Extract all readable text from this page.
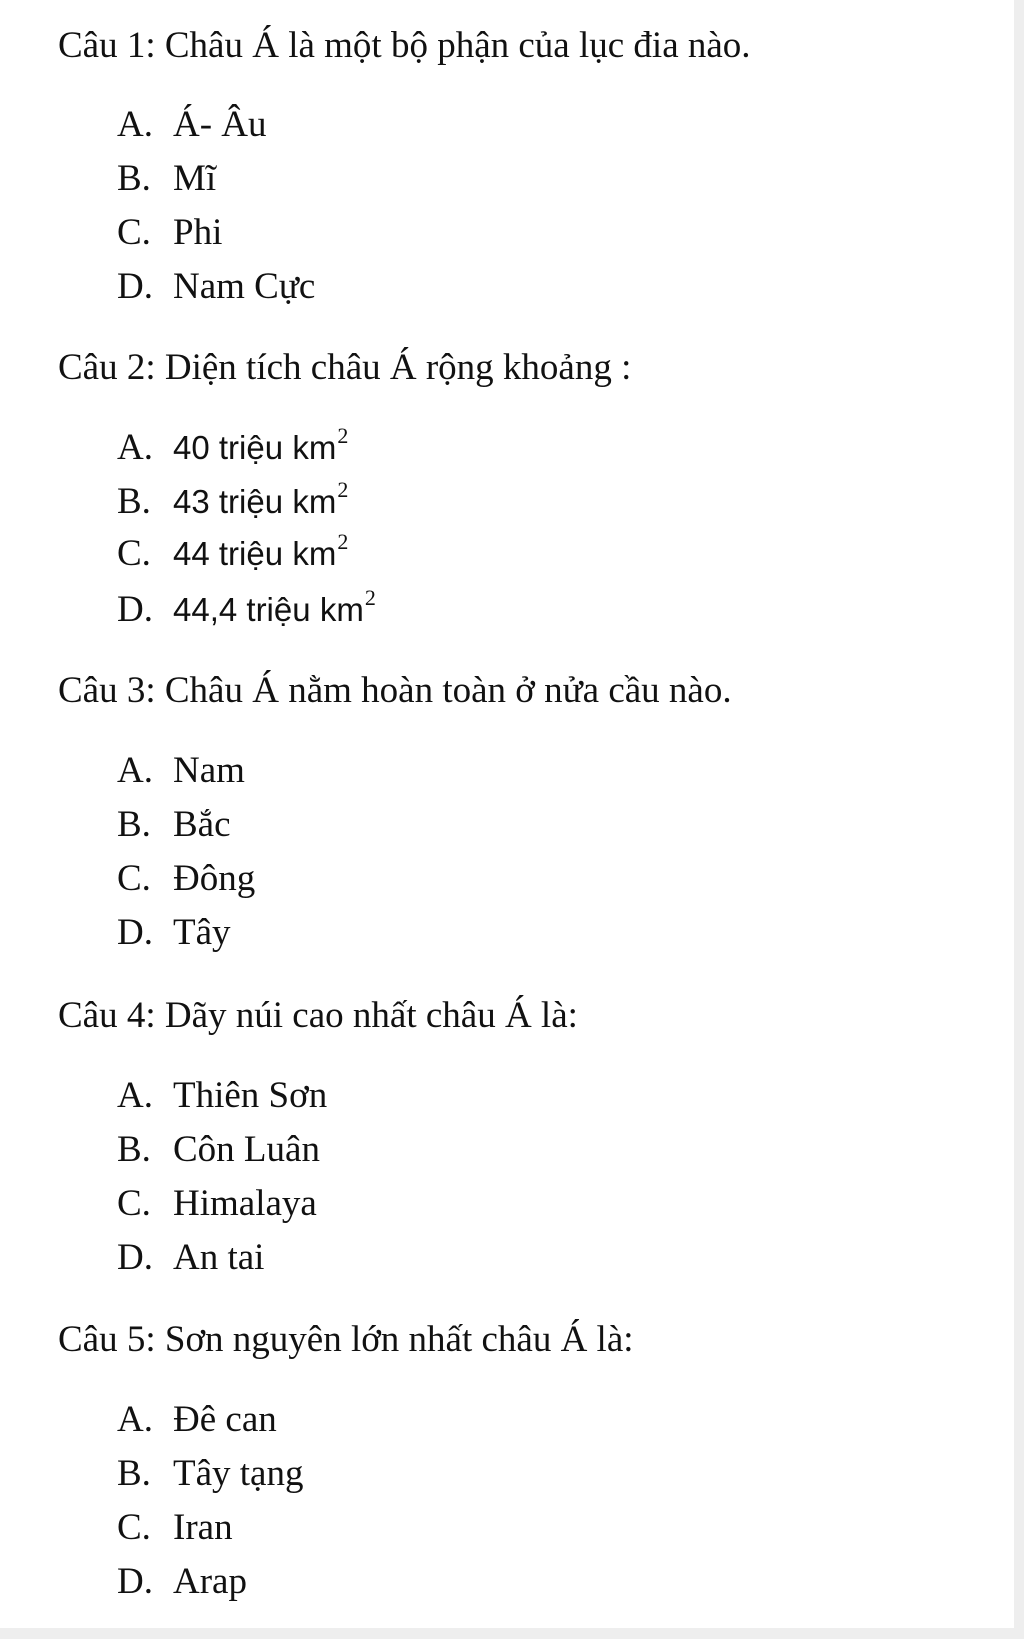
Câu 1: Châu Á là một bộ phận của lục đia nào.
A. Á- Âu
B. Mĩ
C. Phi
D. Nam Cực
Câu 2: Diện tích châu Á rộng khoảng :
A. 40 triệu $km^2$
B. 43 triệu $km^2$
C. 44 triệu $km^2$
D. 44,4 triệu $km^2$
Câu 3: Châu Á nằm hoàn toàn ở nửa cầu nào.
A. Nam
B. Bắc
C. Đông
D. Tây
Câu 4: Dãy núi cao nhất châu Á là:
A. Thiên Sơn
B. Côn Luân
C. Himalaya
D. An tai
Câu 5: Sơn nguyên lớn nhất châu Á là:
A. Đê can
B. Tây tạng
C. Iran
D. Arap
